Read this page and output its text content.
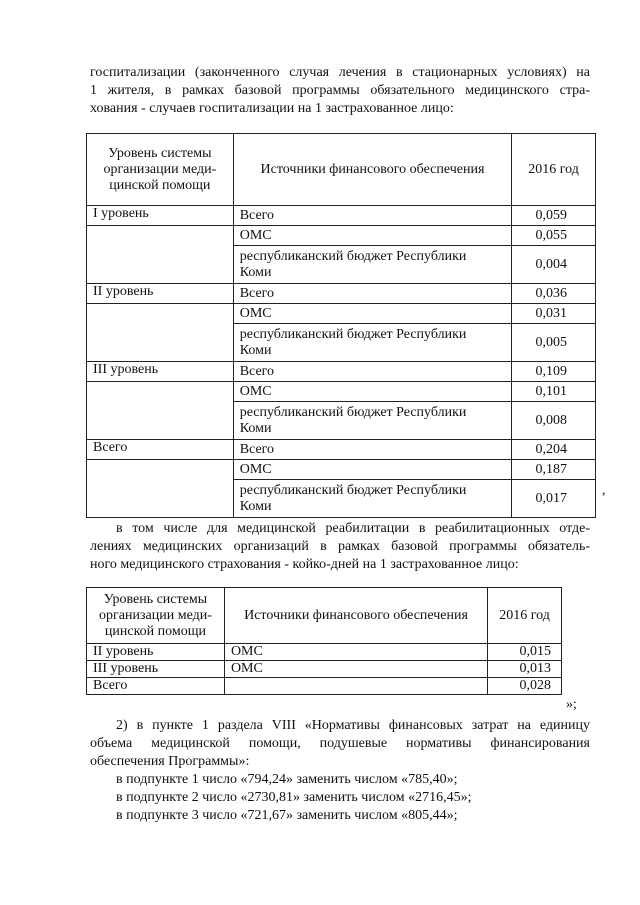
госпитализации (законченного случая лечения в стационарных условиях) на
1 жителя, в рамках базовой программы обязательного медицинского стра-
хования - случаев госпитализации на 1 застрахованное лицо:

Уровень системы
организации меди-
цинской помощи	Источники финансового обеспечения	2016 год
I уровень	Всего	0,059
	ОМС	0,055

	республиканский бюджет Республики
Коми	0,004
II уровень	Всего	0,036
	ОМС	0,031

	республиканский бюджет Республики
Коми	0,005
III уровень	Всего	0,109
	ОМС	0,101

	республиканский бюджет Республики
Коми	0,008
Всего	Всего	0,204
	ОМС	0,187

	республиканский бюджет Республики
Коми	0,017	,

в том числе для медицинской реабилитации в реабилитационных отде-
лениях медицинских организаций в рамках базовой программы обязатель-
ного медицинского страхования - койко-дней на 1 застрахованное лицо:

Уровень системы
организации меди-
цинской помощи	Источники финансового обеспечения	2016 год
II уровень	ОМС	0,015
III уровень	ОМС	0,013
Всего		0,028
»;

2) в пункте 1 раздела VIII «Нормативы финансовых затрат на единицу
объема медицинской помощи, подушевые нормативы финансирования
обеспечения Программы»:

в подпункте 1 число «794,24» заменить числом «785,40»;
в подпункте 2 число «2730,81» заменить числом «2716,45»;
в подпункте 3 число «721,67» заменить числом «805,44»;
